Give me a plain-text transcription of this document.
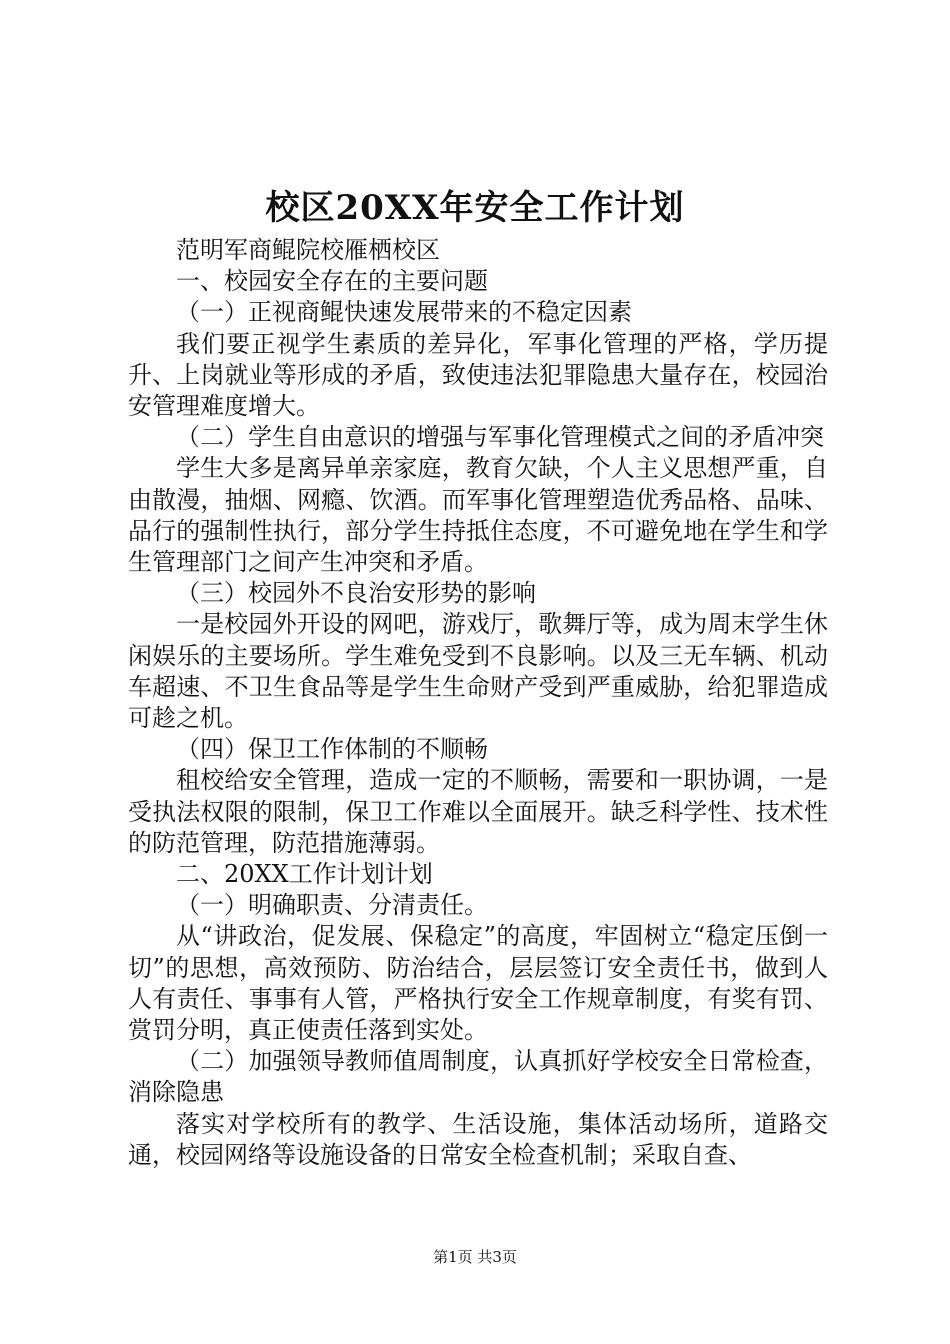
校区20XX年安全工作计划

范明军商鲲院校雁栖校区

一、校园安全存在的主要问题

（一）正视商鲲快速发展带来的不稳定因素

我们要正视学生素质的差异化，军事化管理的严格，学历提升、上岗就业等形成的矛盾，致使违法犯罪隐患大量存在，校园治安管理难度增大。

（二）学生自由意识的增强与军事化管理模式之间的矛盾冲突

学生大多是离异单亲家庭，教育欠缺，个人主义思想严重，自由散漫，抽烟、网瘾、饮酒。而军事化管理塑造优秀品格、品味、品行的强制性执行，部分学生持抵住态度，不可避免地在学生和学生管理部门之间产生冲突和矛盾。

（三）校园外不良治安形势的影响

一是校园外开设的网吧，游戏厅，歌舞厅等，成为周末学生休闲娱乐的主要场所。学生难免受到不良影响。以及三无车辆、机动车超速、不卫生食品等是学生生命财产受到严重威胁，给犯罪造成可趁之机。

（四）保卫工作体制的不顺畅

租校给安全管理，造成一定的不顺畅，需要和一职协调，一是受执法权限的限制，保卫工作难以全面展开。缺乏科学性、技术性的防范管理，防范措施薄弱。

二、20XX工作计划计划

（一）明确职责、分清责任。

从“讲政治，促发展、保稳定”的高度，牢固树立“稳定压倒一切”的思想，高效预防、防治结合，层层签订安全责任书，做到人人有责任、事事有人管，严格执行安全工作规章制度，有奖有罚、赏罚分明，真正使责任落到实处。

（二）加强领导教师值周制度，认真抓好学校安全日常检查，消除隐患

落实对学校所有的教学、生活设施，集体活动场所，道路交通，校园网络等设施设备的日常安全检查机制；采取自查、

第1页 共3页
